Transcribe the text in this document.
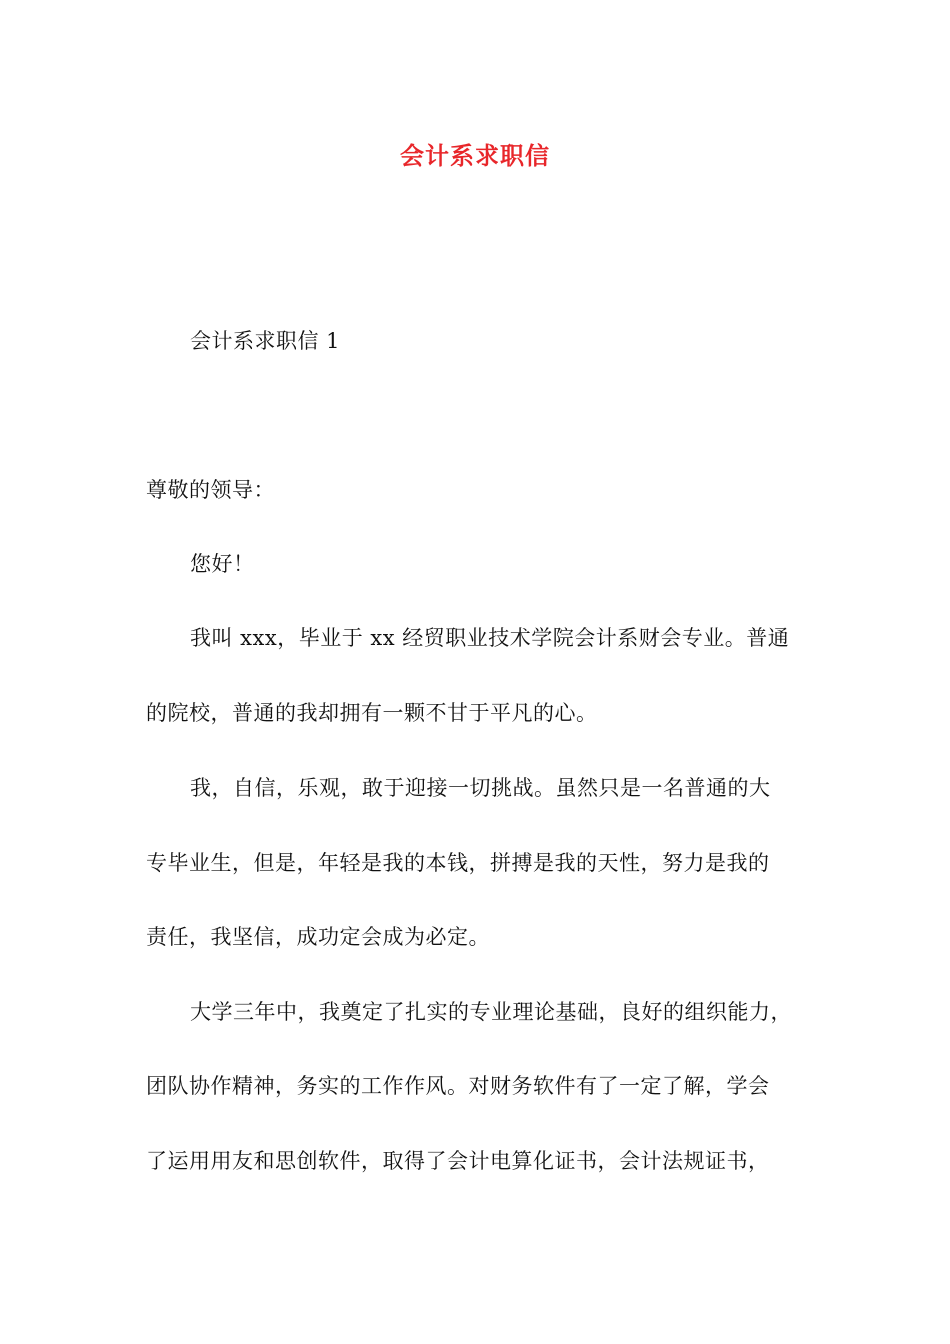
会计系求职信
会计系求职信 1
尊敬的领导：
您好！
我叫 xxx，毕业于 xx 经贸职业技术学院会计系财会专业。普通
的院校，普通的我却拥有一颗不甘于平凡的心。
我，自信，乐观，敢于迎接一切挑战。虽然只是一名普通的大
专毕业生，但是，年轻是我的本钱，拼搏是我的天性，努力是我的
责任，我坚信，成功定会成为必定。
大学三年中，我奠定了扎实的专业理论基础，良好的组织能力，
团队协作精神，务实的工作作风。对财务软件有了一定了解，学会
了运用用友和思创软件，取得了会计电算化证书，会计法规证书，
